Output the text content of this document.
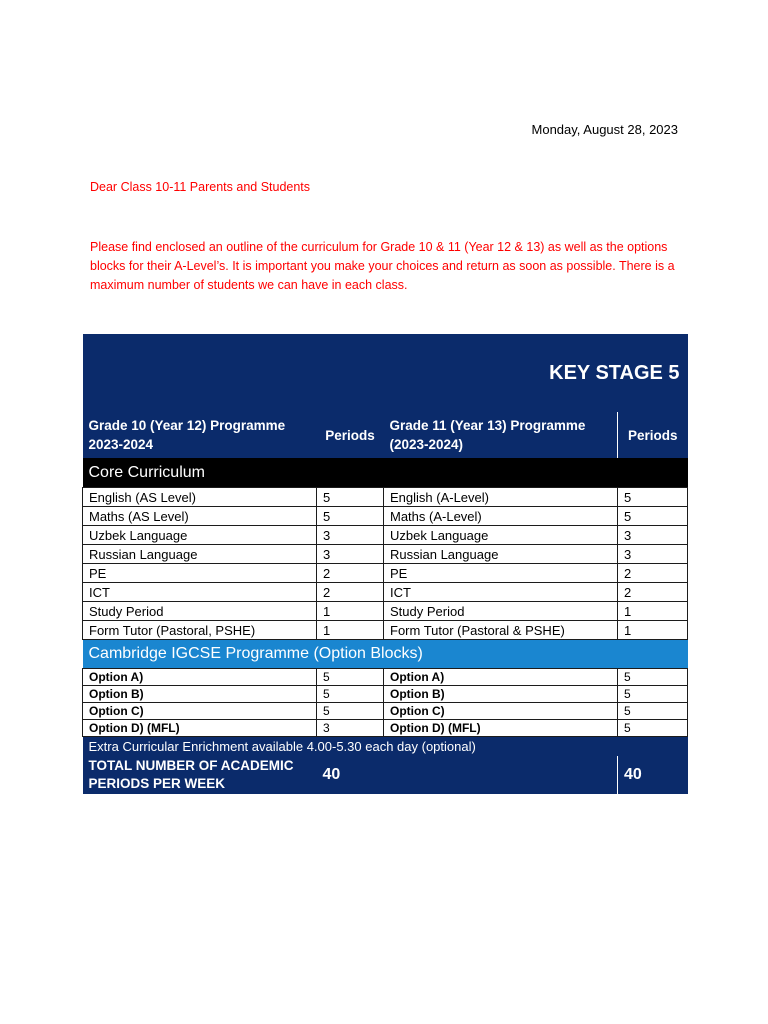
Monday, August 28, 2023
Dear Class 10-11 Parents and Students
Please find enclosed an outline of the curriculum for Grade 10 & 11 (Year 12 & 13) as well as the options blocks for their A-Level’s. It is important you make your choices and return as soon as possible. There is a maximum number of students we can have in each class.
KEY STAGE 5			
Grade 10 (Year 12) Programme 2023-2024	Periods	Grade 11 (Year 13) Programme (2023-2024)	Periods
Core Curriculum			
English (AS Level)	5	English (A-Level)	5
Maths (AS Level)	5	Maths (A-Level)	5
Uzbek Language	3	Uzbek Language	3
Russian Language	3	Russian Language	3
PE	2	PE	2
ICT	2	ICT	2
Study Period	1	Study Period	1
Form Tutor (Pastoral, PSHE)	1	Form Tutor (Pastoral & PSHE)	1
Cambridge IGCSE Programme (Option Blocks)			
Option A)	5	Option A)	5
Option B)	5	Option B)	5
Option C)	5	Option C)	5
Option D) (MFL)	3	Option D) (MFL)	5
Extra Curricular Enrichment available 4.00-5.30 each day (optional)			
TOTAL NUMBER OF ACADEMIC PERIODS PER WEEK	40		40
